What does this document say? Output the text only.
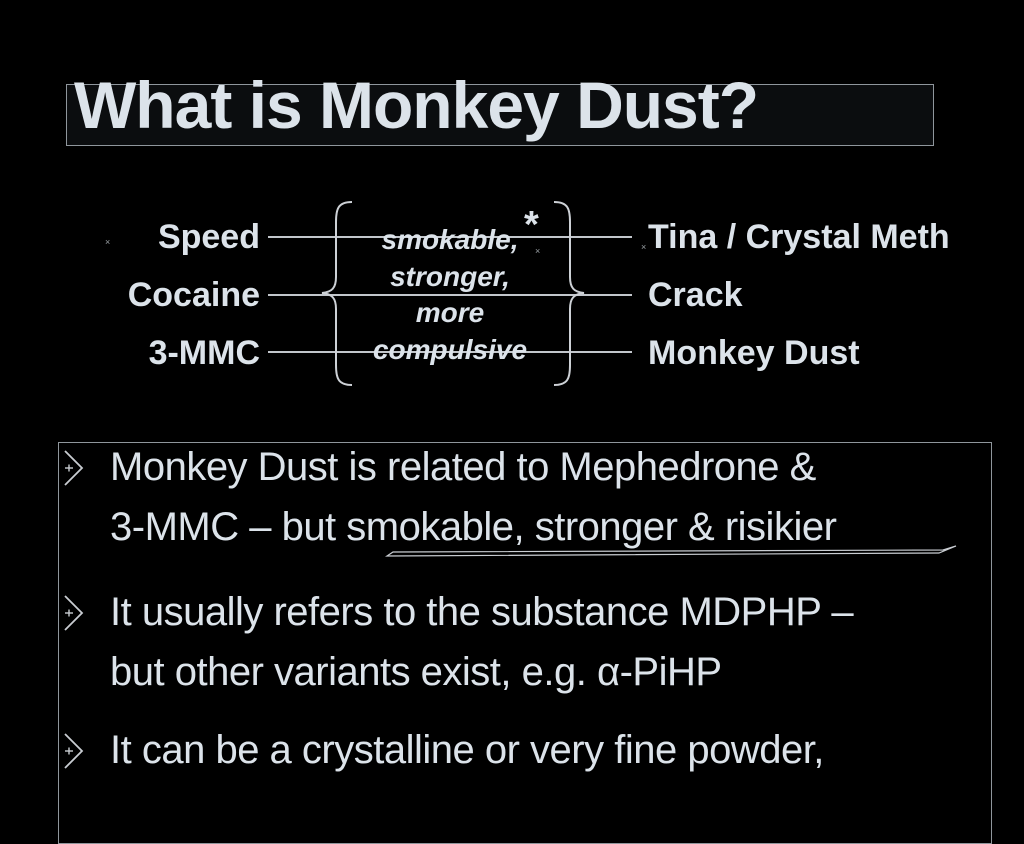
What is Monkey Dust?
Speed
Cocaine
3-MMC
smokable,
stronger,
more
compulsive
*
×
×	× Tina / Crystal Meth
Crack
Monkey Dust
Monkey Dust is related to Mephedrone &
3-MMC – but smokable, stronger & risikier
It usually refers to the substance MDPHP –
but other variants exist, e.g. α-PiHP
It can be a crystalline or very fine powder,
